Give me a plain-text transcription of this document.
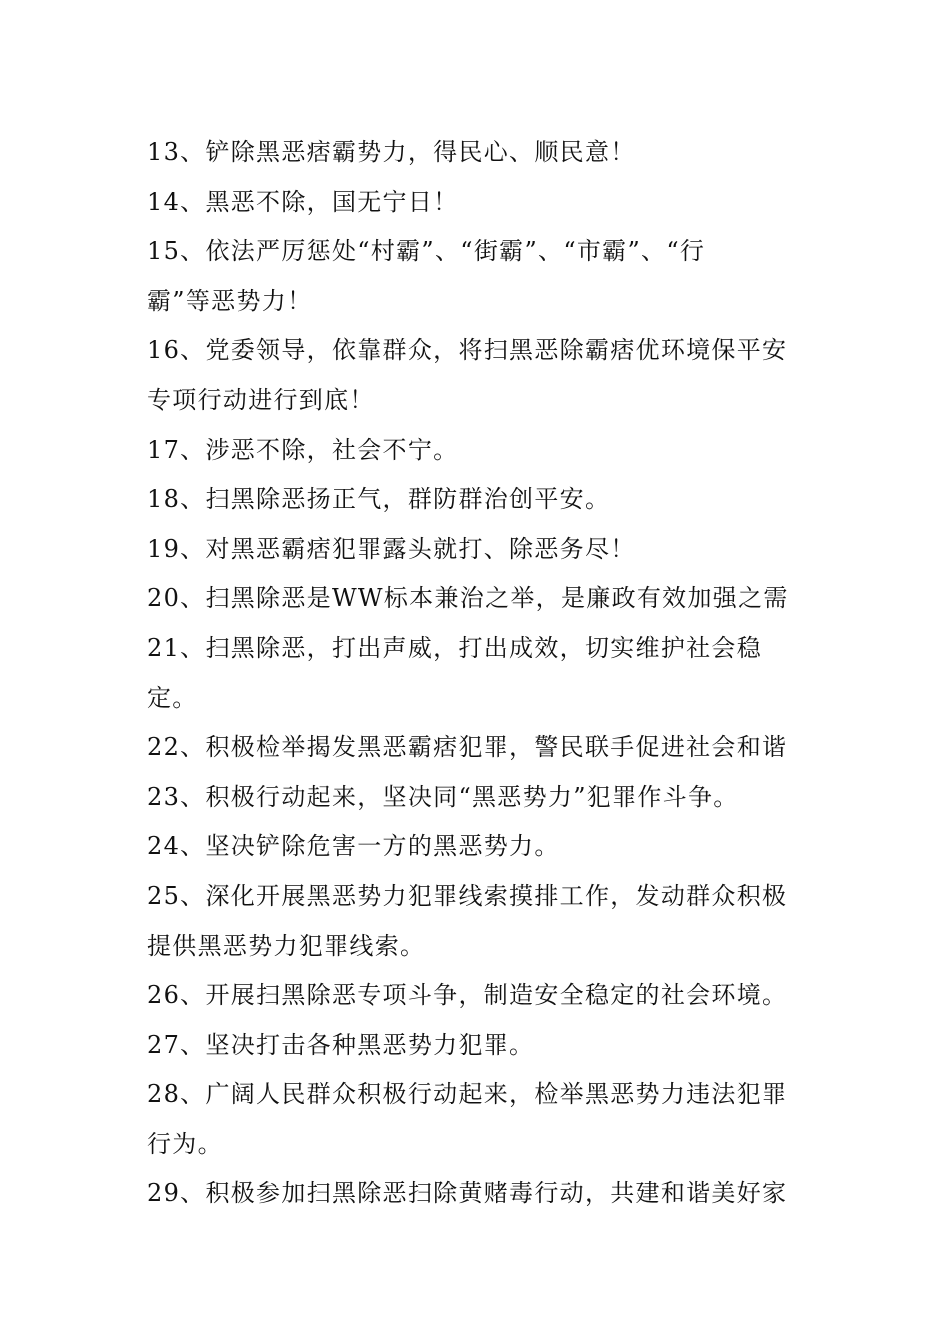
13、铲除黑恶痞霸势力，得民心、顺民意！
14、黑恶不除，国无宁日！
15、依法严厉惩处“村霸”、“街霸”、“市霸”、“行
霸”等恶势力！
16、党委领导，依靠群众，将扫黑恶除霸痞优环境保平安
专项行动进行到底！
17、涉恶不除，社会不宁。
18、扫黑除恶扬正气，群防群治创平安。
19、对黑恶霸痞犯罪露头就打、除恶务尽！
20、扫黑除恶是WW标本兼治之举，是廉政有效加强之需
21、扫黑除恶，打出声威，打出成效，切实维护社会稳
定。
22、积极检举揭发黑恶霸痞犯罪，警民联手促进社会和谐
23、积极行动起来，坚决同“黑恶势力”犯罪作斗争。
24、坚决铲除危害一方的黑恶势力。
25、深化开展黑恶势力犯罪线索摸排工作，发动群众积极
提供黑恶势力犯罪线索。
26、开展扫黑除恶专项斗争，制造安全稳定的社会环境。
27、坚决打击各种黑恶势力犯罪。
28、广阔人民群众积极行动起来，检举黑恶势力违法犯罪
行为。
29、积极参加扫黑除恶扫除黄赌毒行动，共建和谐美好家
